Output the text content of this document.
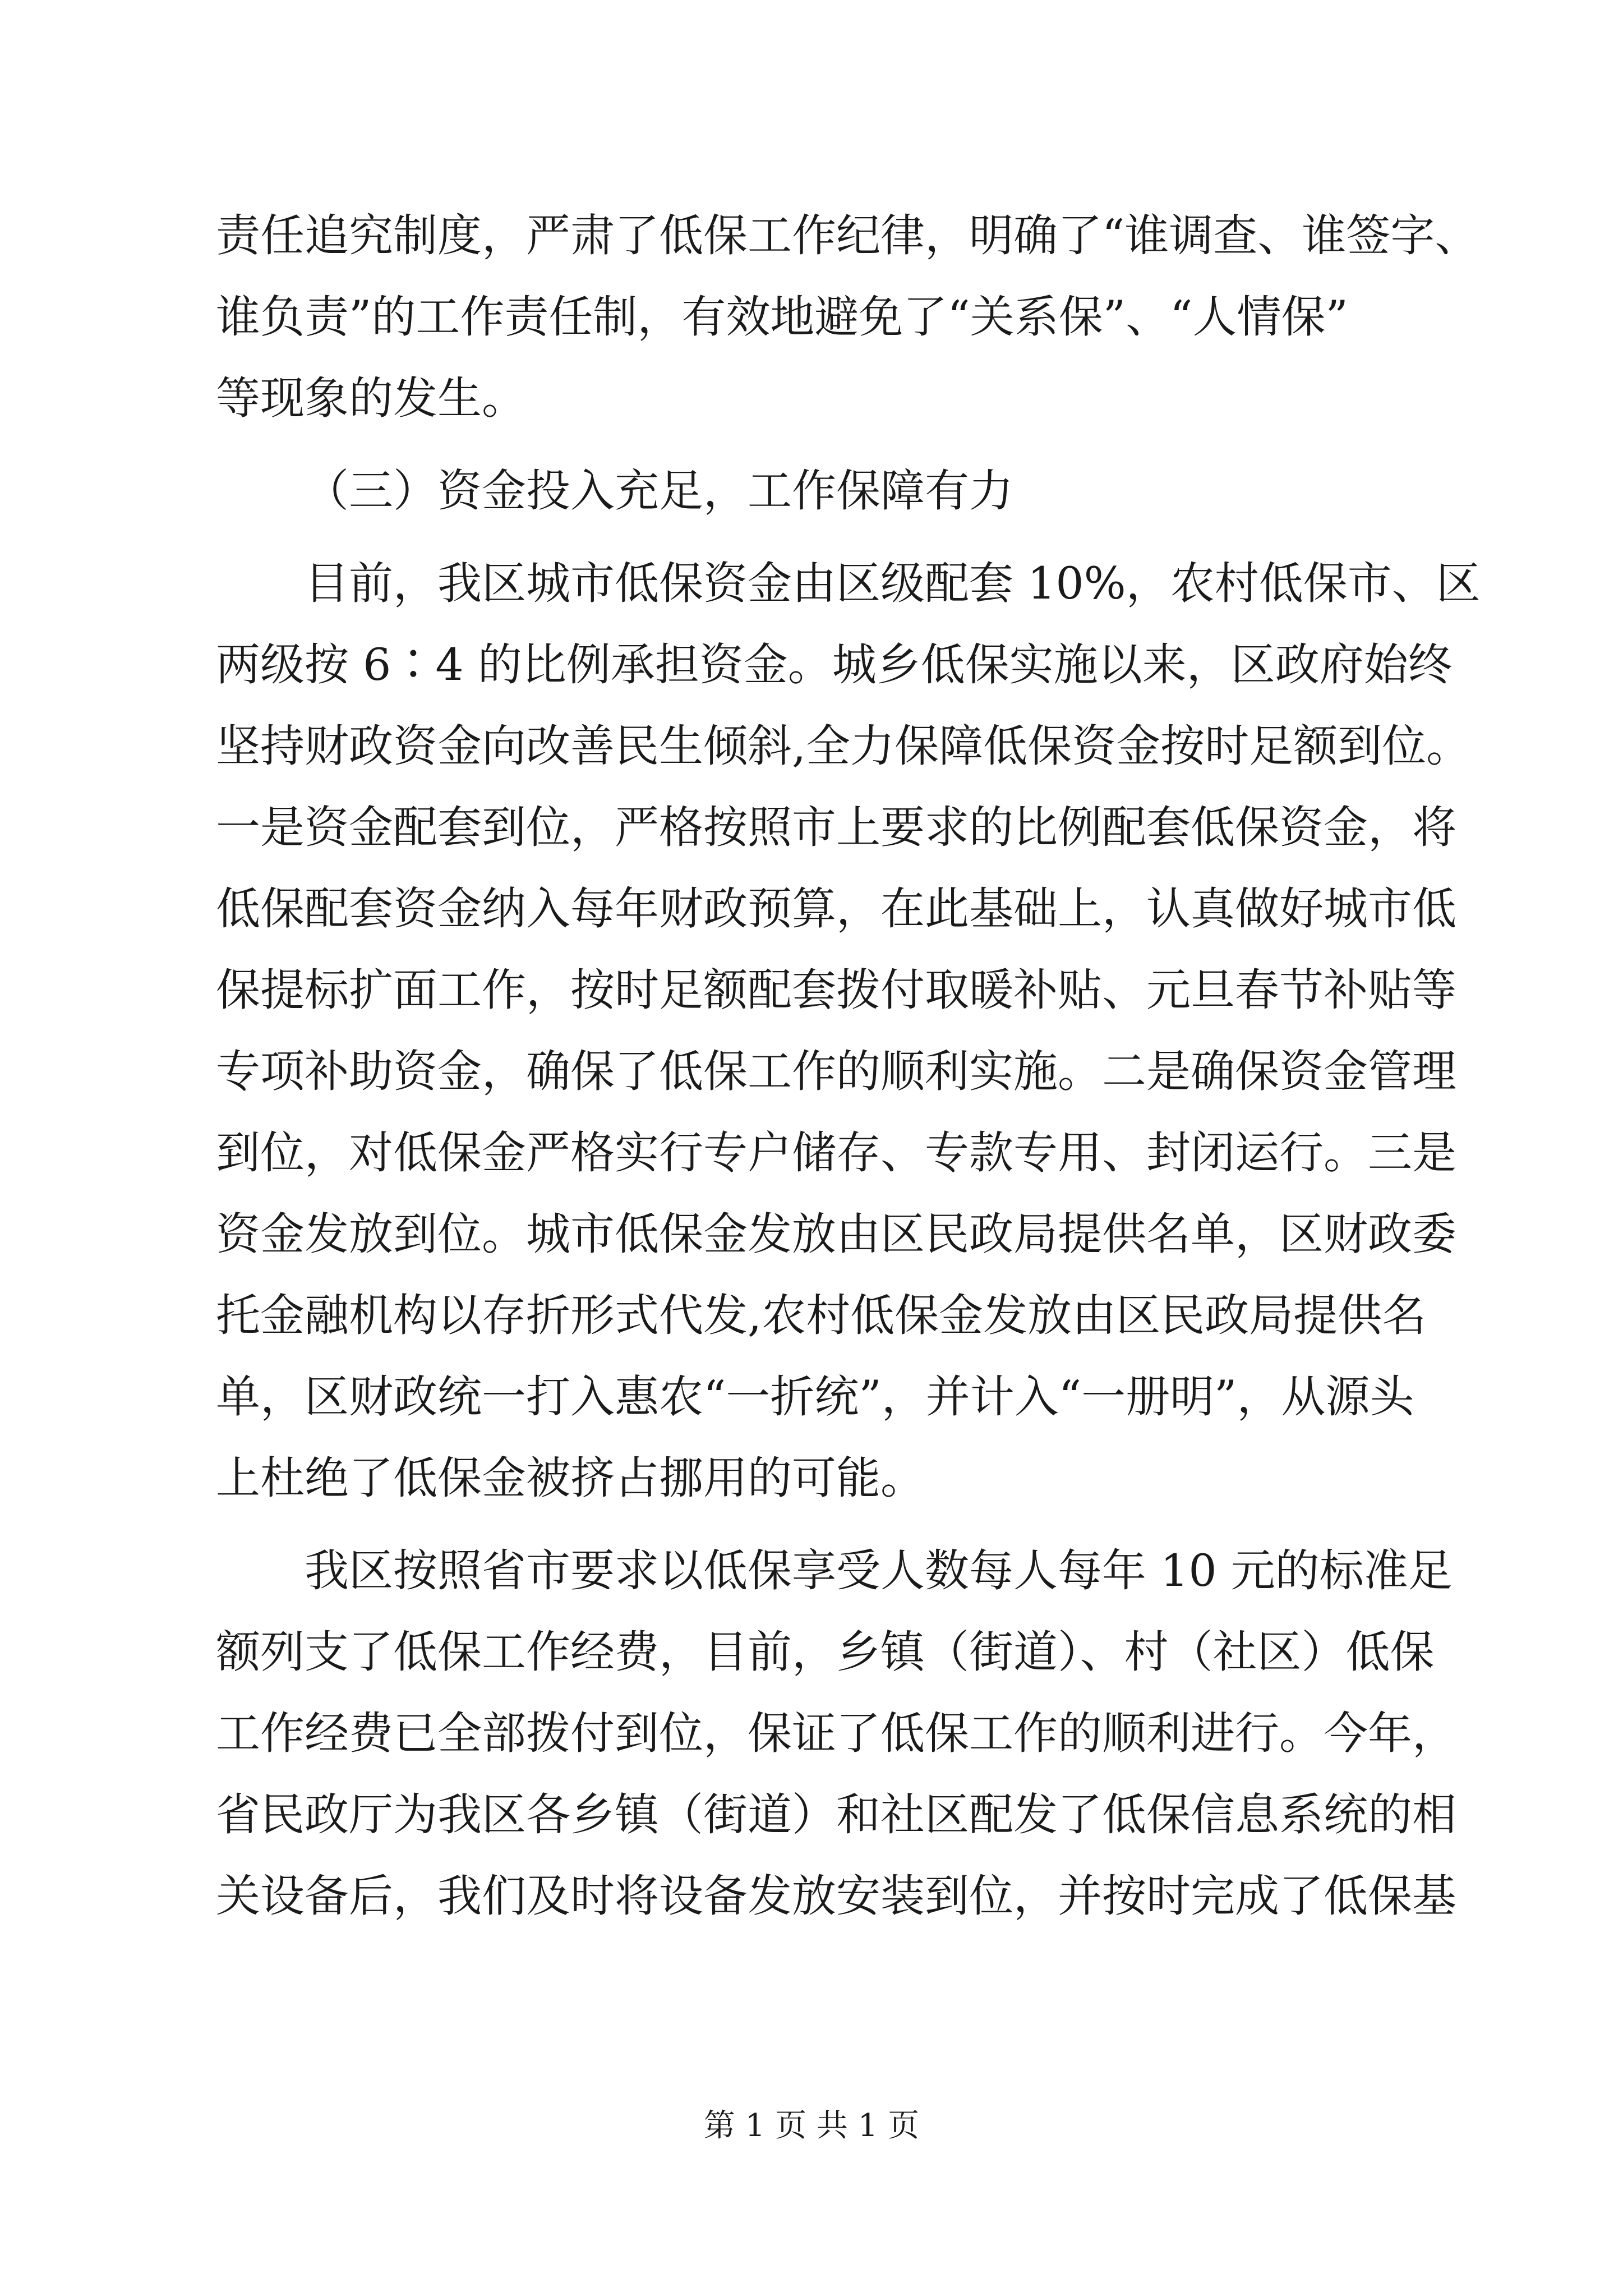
责任追究制度，严肃了低保工作纪律，明确了“谁调查、谁签字、
谁负责”的工作责任制，有效地避免了“关系保”、“人情保”
等现象的发生。
（三）资金投入充足，工作保障有力
　　目前，我区城市低保资金由区级配套 10%，农村低保市、区
两级按 6∶4 的比例承担资金。城乡低保实施以来，区政府始终
坚持财政资金向改善民生倾斜,全力保障低保资金按时足额到位。
一是资金配套到位，严格按照市上要求的比例配套低保资金，将
低保配套资金纳入每年财政预算，在此基础上，认真做好城市低
保提标扩面工作，按时足额配套拨付取暖补贴、元旦春节补贴等
专项补助资金，确保了低保工作的顺利实施。二是确保资金管理
到位，对低保金严格实行专户储存、专款专用、封闭运行。三是
资金发放到位。城市低保金发放由区民政局提供名单，区财政委
托金融机构以存折形式代发,农村低保金发放由区民政局提供名
单，区财政统一打入惠农“一折统”，并计入“一册明”，从源头
上杜绝了低保金被挤占挪用的可能。
　　我区按照省市要求以低保享受人数每人每年 10 元的标准足
额列支了低保工作经费，目前，乡镇（街道）、村（社区）低保
工作经费已全部拨付到位，保证了低保工作的顺利进行。今年，
省民政厅为我区各乡镇（街道）和社区配发了低保信息系统的相
关设备后，我们及时将设备发放安装到位，并按时完成了低保基
第 1 页 共 1 页
